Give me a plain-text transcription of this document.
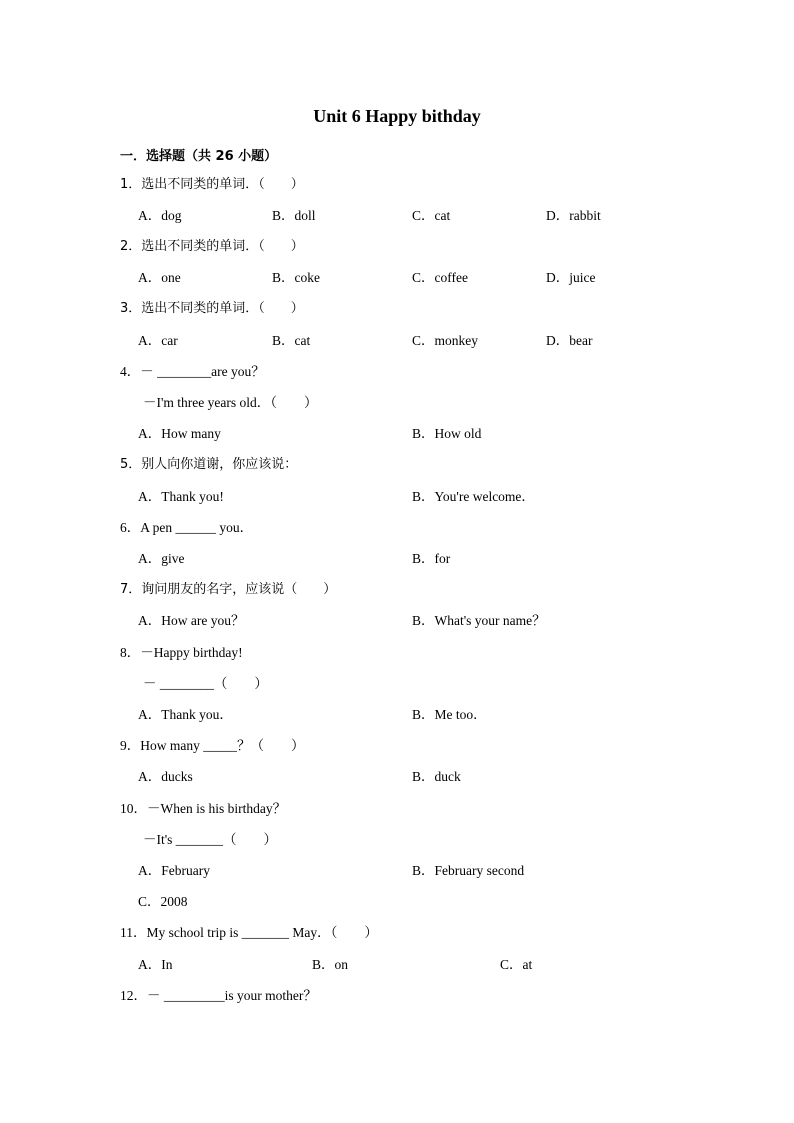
Unit 6 Happy bithday
一．选择题（共 26 小题）
1．选出不同类的单词．（　　）
A．dog	B．doll	C．cat	D．rabbit
2．选出不同类的单词．（　　）
A．one	B．coke	C．coffee	D．juice
3．选出不同类的单词．（　　）
A．car	B．cat	C．monkey	D．bear
4．－ ________are you？
－I'm three years old．（　　）
A．How many	B．How old
5．别人向你道谢，你应该说：
A．Thank you!	B．You're welcome．
6．A pen ______ you．
A．give	B．for
7．询问朋友的名字，应该说（　　）
A．How are you？	B．What's your name？
8．－Happy birthday!
－ ________（　　）
A．Thank you．	B．Me too．
9．How many _____？（　　）
A．ducks	B．duck
10．－When is his birthday？
－It's _______（　　）
A．February	B．February second
C．2008
11．My school trip is _______ May．（　　）
A．In	B．on	C．at
12．－ _________is your mother？
